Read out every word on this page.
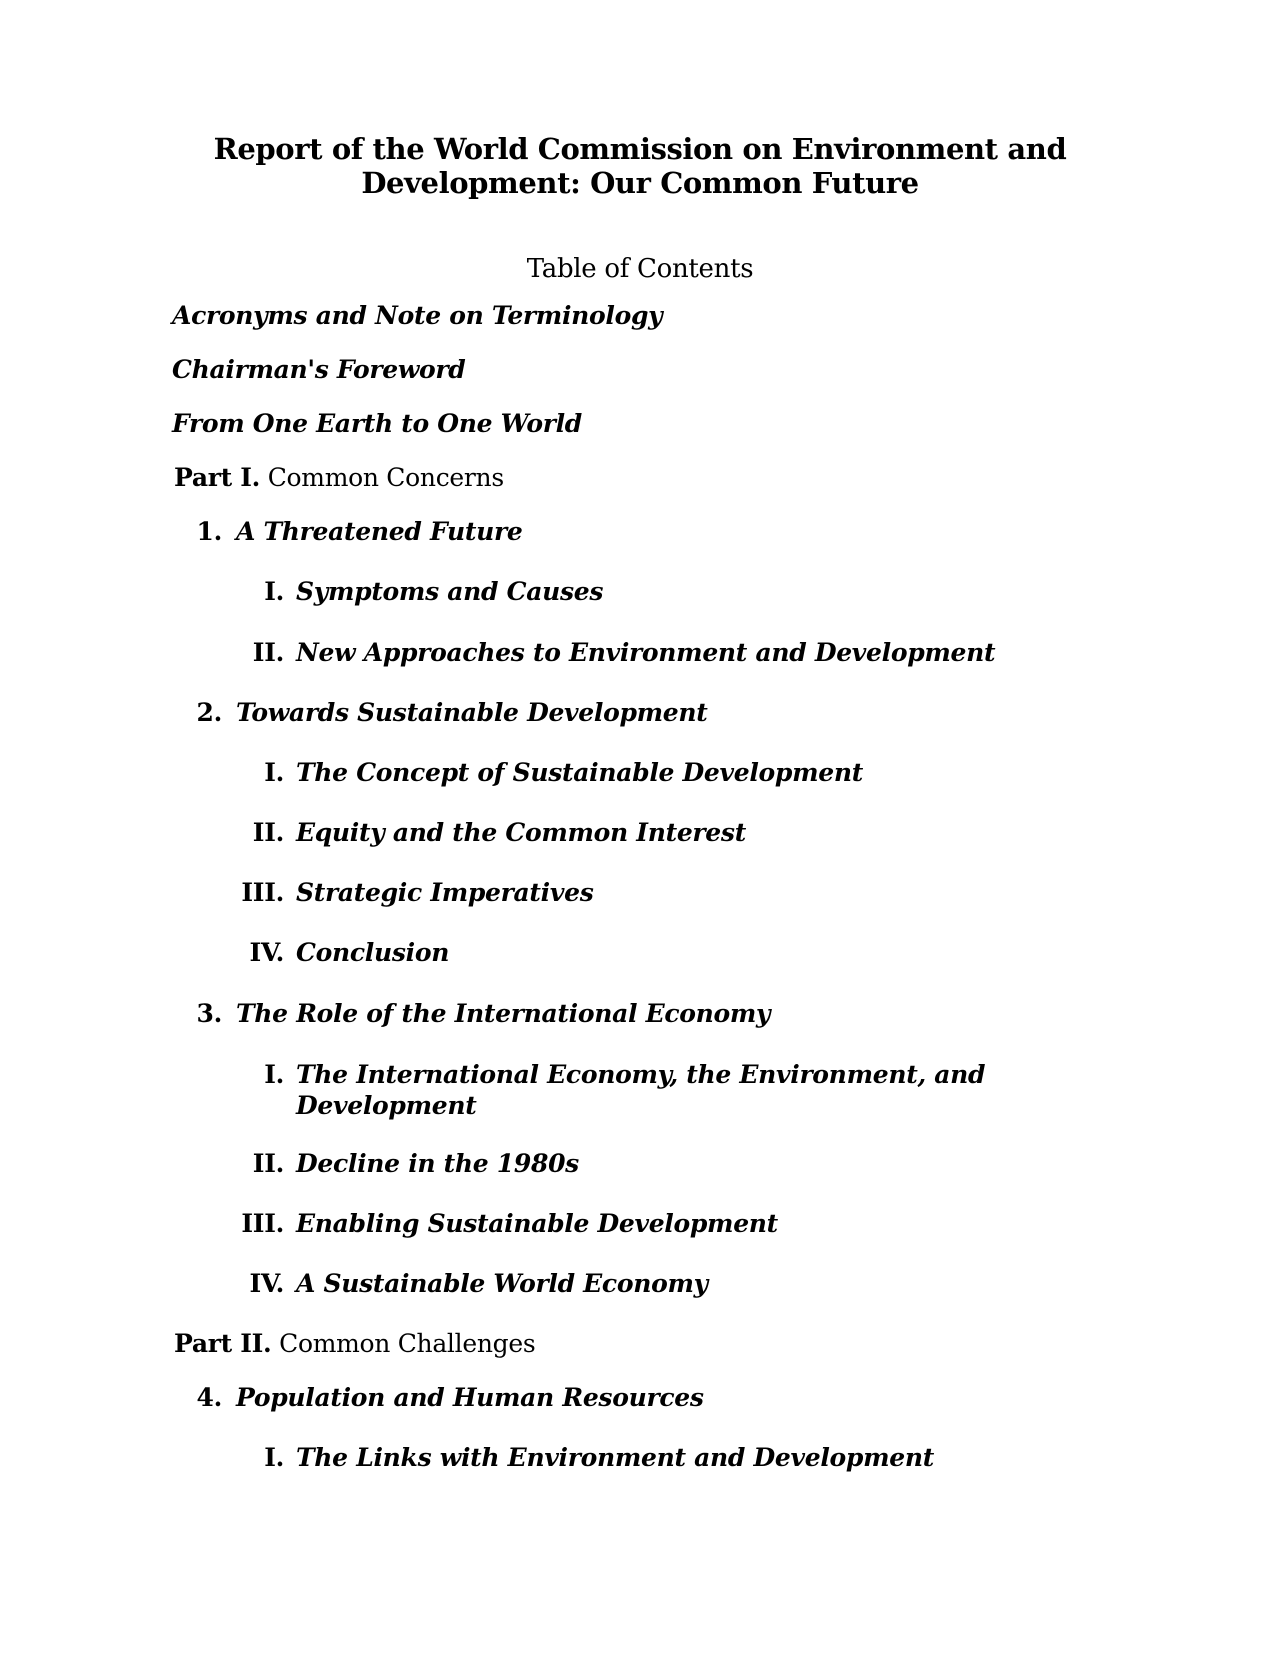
Report of the World Commission on Environment and
Development: Our Common Future
Table of Contents
Acronyms and Note on Terminology
Chairman's Foreword
From One Earth to One World
Part I. Common Concerns
1. A Threatened Future
I. Symptoms and Causes
II. New Approaches to Environment and Development
2. Towards Sustainable Development
I. The Concept of Sustainable Development
II. Equity and the Common Interest
III. Strategic Imperatives
IV. Conclusion
3. The Role of the International Economy
I. The International Economy, the Environment, and Development
II. Decline in the 1980s
III. Enabling Sustainable Development
IV. A Sustainable World Economy
Part II. Common Challenges
4. Population and Human Resources
I. The Links with Environment and Development
